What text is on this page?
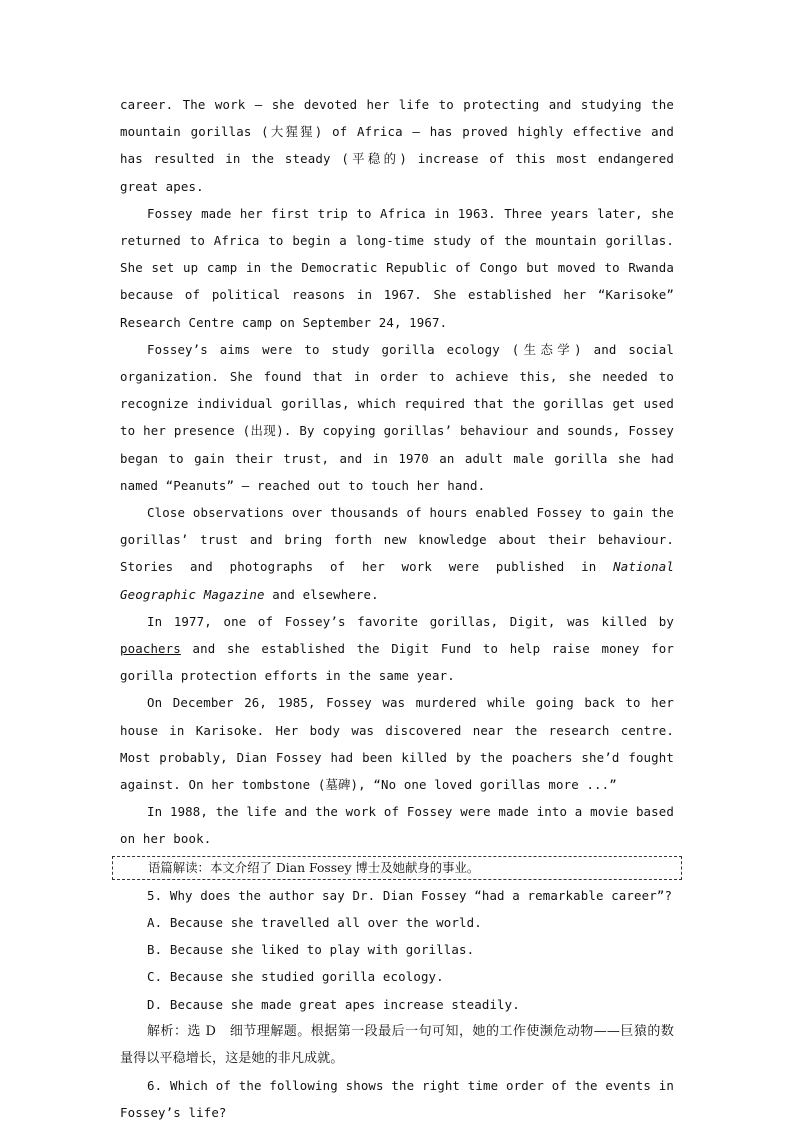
career. The work — she devoted her life to protecting and studying the mountain gorillas (大猩猩) of Africa — has proved highly effective and has resulted in the steady (平稳的) increase of this most endangered great apes.

Fossey made her first trip to Africa in 1963. Three years later, she returned to Africa to begin a long-time study of the mountain gorillas. She set up camp in the Democratic Republic of Congo but moved to Rwanda because of political reasons in 1967. She established her “Karisoke” Research Centre camp on September 24, 1967.

Fossey’s aims were to study gorilla ecology (生态学) and social organization. She found that in order to achieve this, she needed to recognize individual gorillas, which required that the gorillas get used to her presence (出现). By copying gorillas’ behaviour and sounds, Fossey began to gain their trust, and in 1970 an adult male gorilla she had named “Peanuts” — reached out to touch her hand.

Close observations over thousands of hours enabled Fossey to gain the gorillas’ trust and bring forth new knowledge about their behaviour. Stories and photographs of her work were published in National Geographic Magazine and elsewhere.

In 1977, one of Fossey’s favorite gorillas, Digit, was killed by poachers and she established the Digit Fund to help raise money for gorilla protection efforts in the same year.

On December 26, 1985, Fossey was murdered while going back to her house in Karisoke. Her body was discovered near the research centre. Most probably, Dian Fossey had been killed by the poachers she’d fought against. On her tombstone (墓碑), “No one loved gorillas more ...”

In 1988, the life and the work of Fossey were made into a movie based on her book.

语篇解读：本文介绍了 Dian Fossey 博士及她献身的事业。

5. Why does the author say Dr. Dian Fossey “had a remarkable career”?

A. Because she travelled all over the world.

B. Because she liked to play with gorillas.

C. Because she studied gorilla ecology.

D. Because she made great apes increase steadily.

解析：选 D　细节理解题。根据第一段最后一句可知，她的工作使濒危动物——巨猿的数量得以平稳增长，这是她的非凡成就。

6. Which of the following shows the right time order of the events in Fossey’s life?
